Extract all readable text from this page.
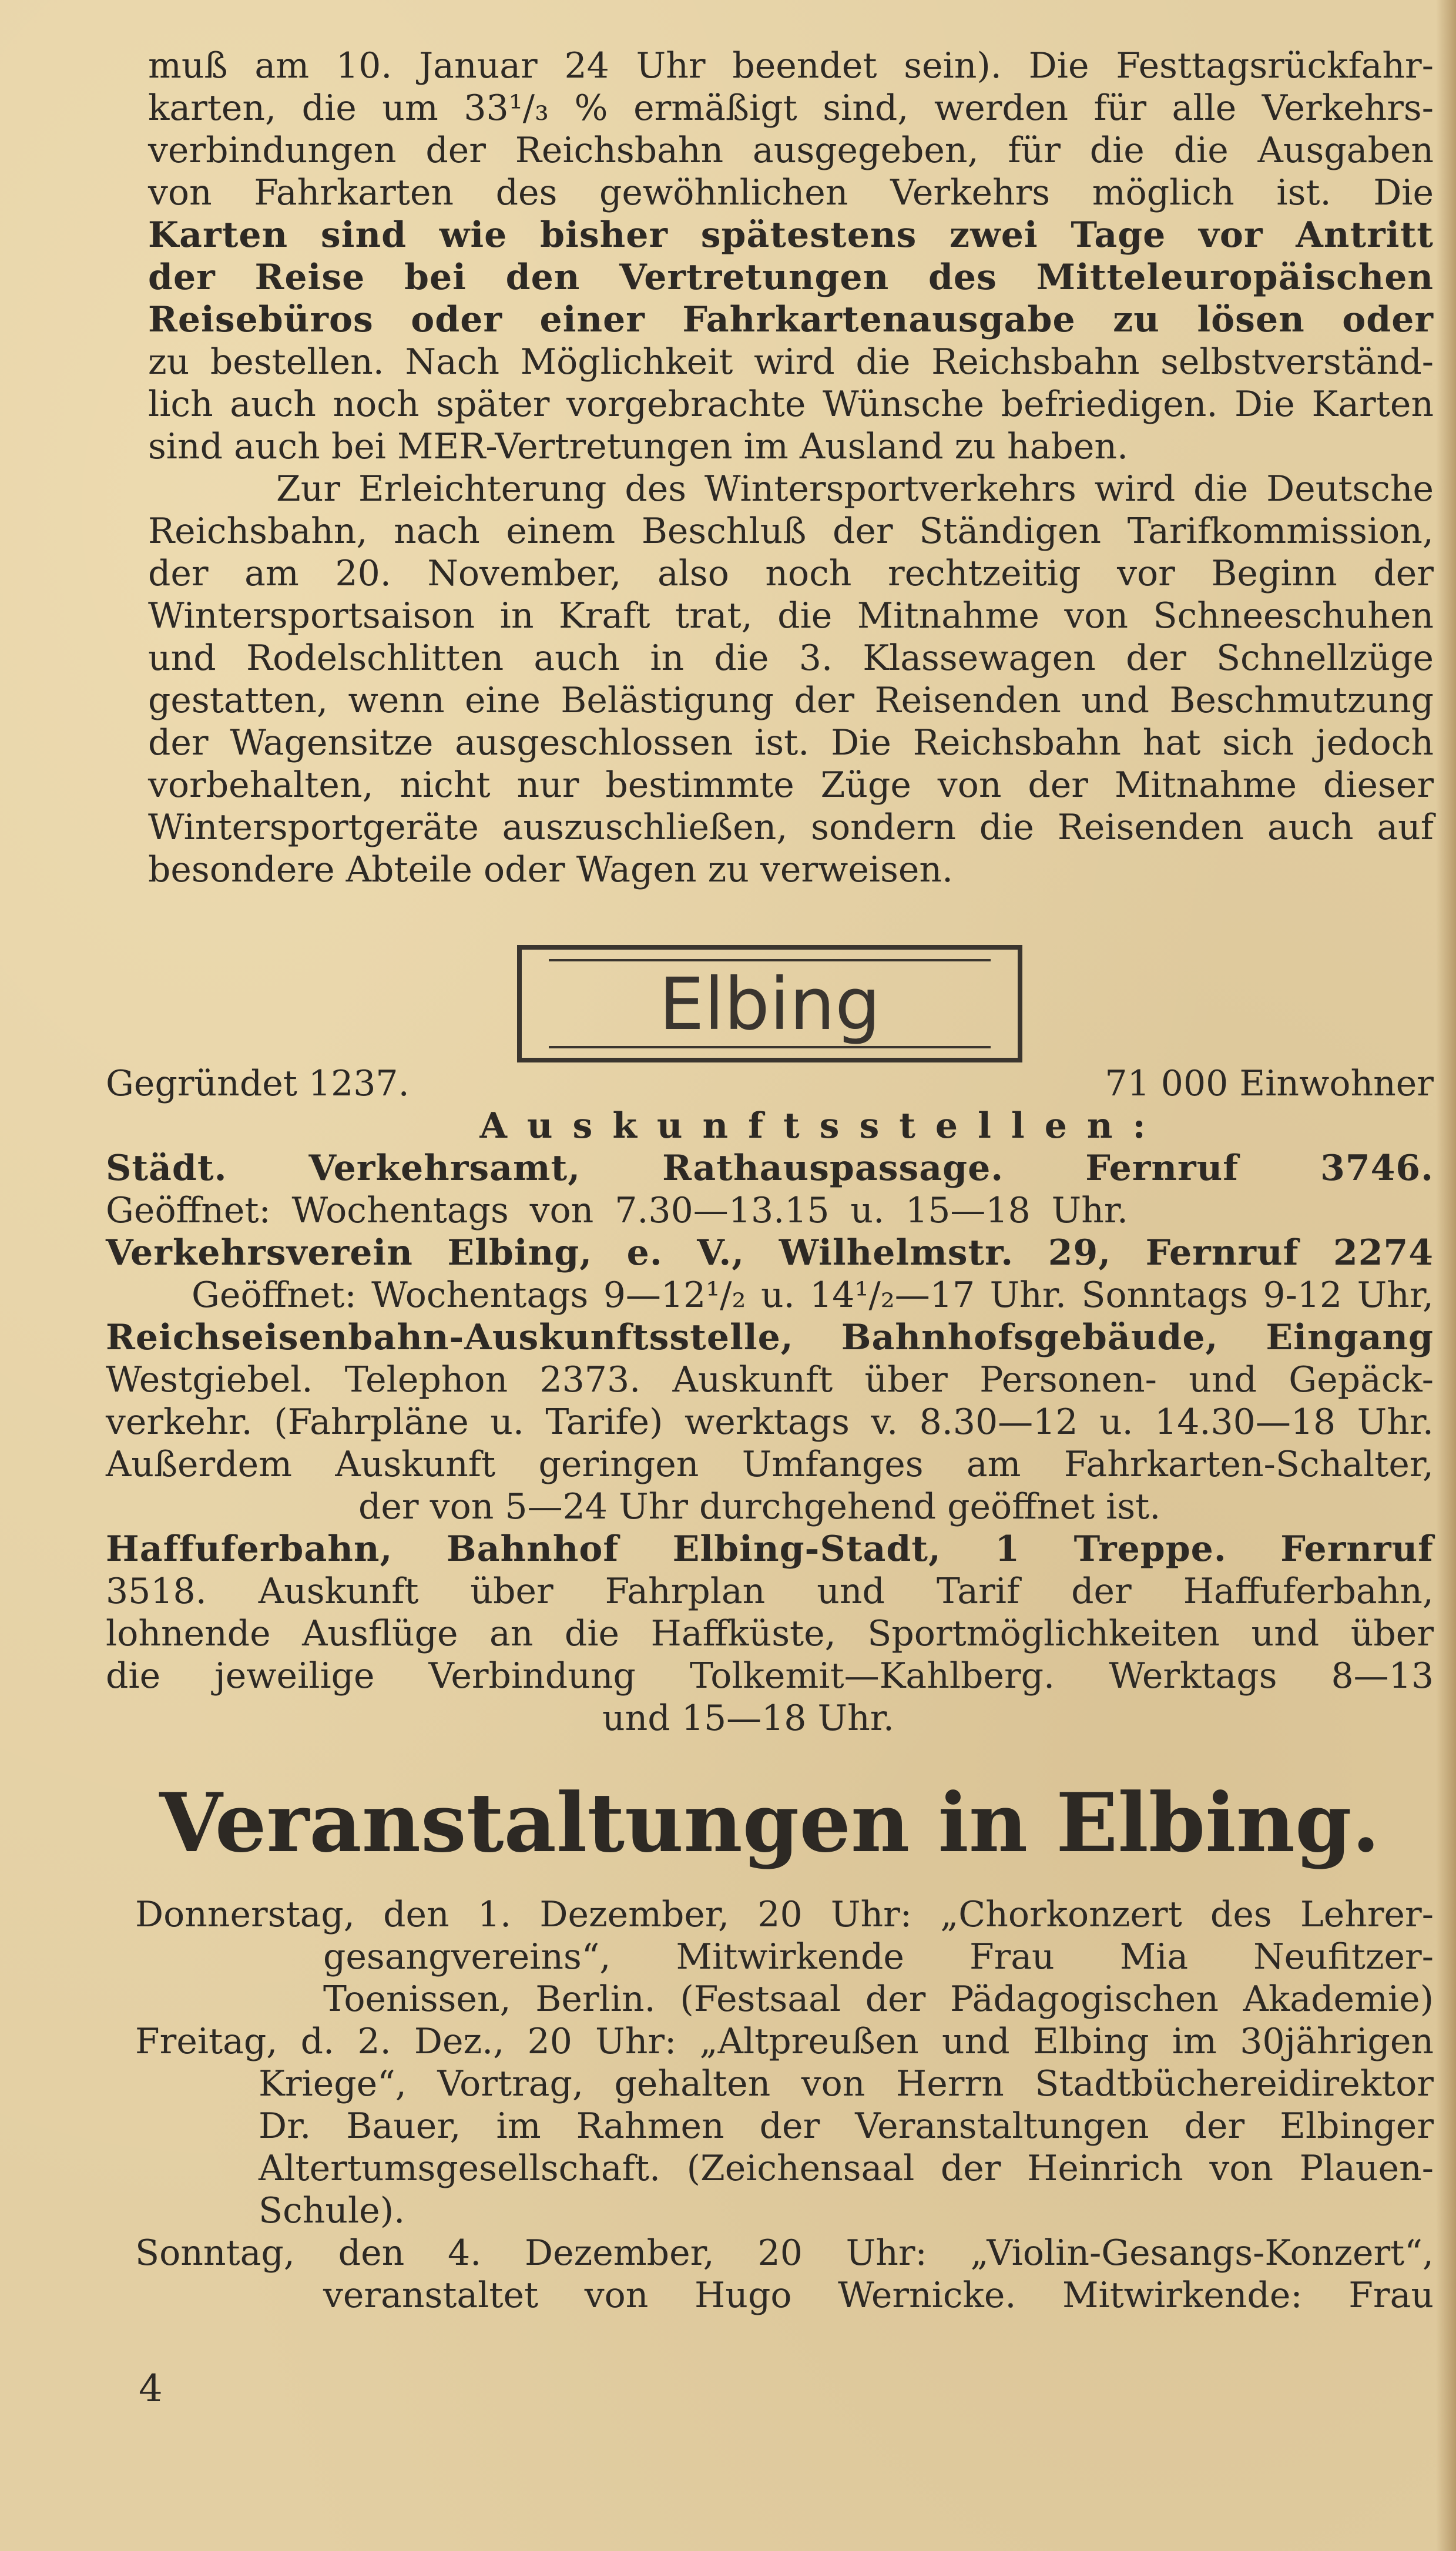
muß am 10. Januar 24 Uhr beendet sein). Die Festtagsrückfahr-
karten, die um 33¹/₃ % ermäßigt sind, werden für alle Verkehrs-
verbindungen der Reichsbahn ausgegeben, für die die Ausgaben
von Fahrkarten des gewöhnlichen Verkehrs möglich ist. Die
Karten sind wie bisher spätestens zwei Tage vor Antritt
der Reise bei den Vertretungen des Mitteleuropäischen
Reisebüros oder einer Fahrkartenausgabe zu lösen oder
zu bestellen. Nach Möglichkeit wird die Reichsbahn selbstverständ-
lich auch noch später vorgebrachte Wünsche befriedigen. Die Karten
sind auch bei MER-Vertretungen im Ausland zu haben.
Zur Erleichterung des Wintersportverkehrs wird die Deutsche
Reichsbahn, nach einem Beschluß der Ständigen Tarifkommission,
der am 20. November, also noch rechtzeitig vor Beginn der
Wintersportsaison in Kraft trat, die Mitnahme von Schneeschuhen
und Rodelschlitten auch in die 3. Klassewagen der Schnellzüge
gestatten, wenn eine Belästigung der Reisenden und Beschmutzung
der Wagensitze ausgeschlossen ist. Die Reichsbahn hat sich jedoch
vorbehalten, nicht nur bestimmte Züge von der Mitnahme dieser
Wintersportgeräte auszuschließen, sondern die Reisenden auch auf
besondere Abteile oder Wagen zu verweisen.
Elbing
Gegründet 1237.	71 000 Einwohner
Auskunftsstellen:
Städt. Verkehrsamt, Rathauspassage. Fernruf 3746.
Geöffnet: Wochentags von 7.30—13.15 u. 15—18 Uhr.
Verkehrsverein Elbing, e. V., Wilhelmstr. 29, Fernruf 2274
Geöffnet: Wochentags 9—12¹/₂ u. 14¹/₂—17 Uhr. Sonntags 9-12 Uhr,
Reichseisenbahn-Auskunftsstelle, Bahnhofsgebäude, Eingang
Westgiebel. Telephon 2373. Auskunft über Personen- und Gepäck-
verkehr. (Fahrpläne u. Tarife) werktags v. 8.30—12 u. 14.30—18 Uhr.
Außerdem Auskunft geringen Umfanges am Fahrkarten-Schalter,
der von 5—24 Uhr durchgehend geöffnet ist.
Haffuferbahn, Bahnhof Elbing-Stadt, 1 Treppe. Fernruf
3518. Auskunft über Fahrplan und Tarif der Haffuferbahn,
lohnende Ausflüge an die Haffküste, Sportmöglichkeiten und über
die jeweilige Verbindung Tolkemit—Kahlberg. Werktags 8—13
und 15—18 Uhr.
Veranstaltungen in Elbing.
Donnerstag, den 1. Dezember, 20 Uhr: „Chorkonzert des Lehrer-
gesangvereins“, Mitwirkende Frau Mia Neufitzer-
Toenissen, Berlin. (Festsaal der Pädagogischen Akademie)
Freitag, d. 2. Dez., 20 Uhr: „Altpreußen und Elbing im 30jährigen
Kriege“, Vortrag, gehalten von Herrn Stadtbüchereidirektor
Dr. Bauer, im Rahmen der Veranstaltungen der Elbinger
Altertumsgesellschaft. (Zeichensaal der Heinrich von Plauen-
Schule).
Sonntag, den 4. Dezember, 20 Uhr: „Violin-Gesangs-Konzert“,
veranstaltet von Hugo Wernicke. Mitwirkende: Frau
4
